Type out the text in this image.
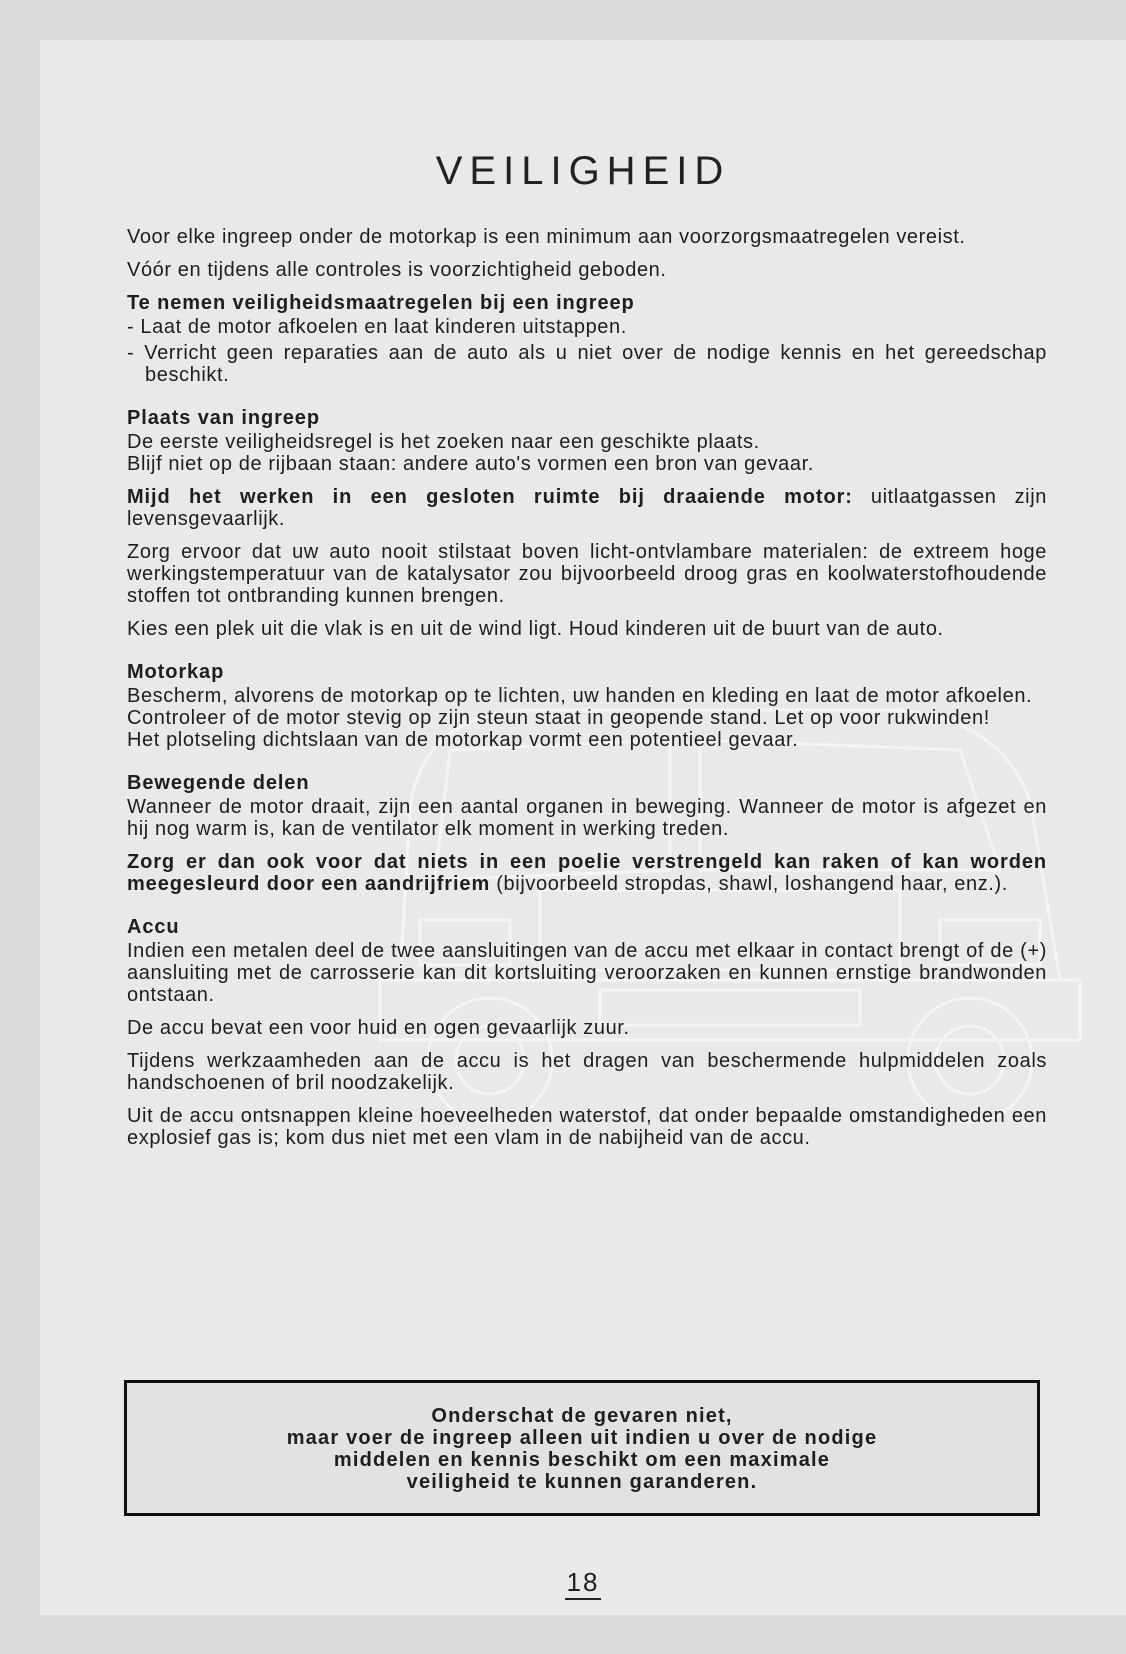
VEILIGHEID

Voor elke ingreep onder de motorkap is een minimum aan voorzorgsmaatregelen vereist.

Vóór en tijdens alle controles is voorzichtigheid geboden.

Te nemen veiligheidsmaatregelen bij een ingreep
- Laat de motor afkoelen en laat kinderen uitstappen.
- Verricht geen reparaties aan de auto als u niet over de nodige kennis en het gereedschap beschikt.
Plaats van ingreep

De eerste veiligheidsregel is het zoeken naar een geschikte plaats.

Blijf niet op de rijbaan staan: andere auto's vormen een bron van gevaar.

Mijd het werken in een gesloten ruimte bij draaiende motor: uitlaatgassen zijn levensgevaarlijk.

Zorg ervoor dat uw auto nooit stilstaat boven licht-ontvlambare materialen: de extreem hoge werkingstemperatuur van de katalysator zou bijvoorbeeld droog gras en koolwaterstofhoudende stoffen tot ontbranding kunnen brengen.

Kies een plek uit die vlak is en uit de wind ligt. Houd kinderen uit de buurt van de auto.

Motorkap

Bescherm, alvorens de motorkap op te lichten, uw handen en kleding en laat de motor afkoelen.

Controleer of de motor stevig op zijn steun staat in geopende stand. Let op voor rukwinden!

Het plotseling dichtslaan van de motorkap vormt een potentieel gevaar.

Bewegende delen

Wanneer de motor draait, zijn een aantal organen in beweging. Wanneer de motor is afgezet en hij nog warm is, kan de ventilator elk moment in werking treden.

Zorg er dan ook voor dat niets in een poelie verstrengeld kan raken of kan worden meegesleurd door een aandrijfriem (bijvoorbeeld stropdas, shawl, loshangend haar, enz.).

Accu

Indien een metalen deel de twee aansluitingen van de accu met elkaar in contact brengt of de (+) aansluiting met de carrosserie kan dit kortsluiting veroorzaken en kunnen ernstige brandwonden ontstaan.

De accu bevat een voor huid en ogen gevaarlijk zuur.

Tijdens werkzaamheden aan de accu is het dragen van beschermende hulpmiddelen zoals handschoenen of bril noodzakelijk.

Uit de accu ontsnappen kleine hoeveelheden waterstof, dat onder bepaalde omstandigheden een explosief gas is; kom dus niet met een vlam in de nabijheid van de accu.

Onderschat de gevaren niet,
maar voer de ingreep alleen uit indien u over de nodige
middelen en kennis beschikt om een maximale
veiligheid te kunnen garanderen.
18
